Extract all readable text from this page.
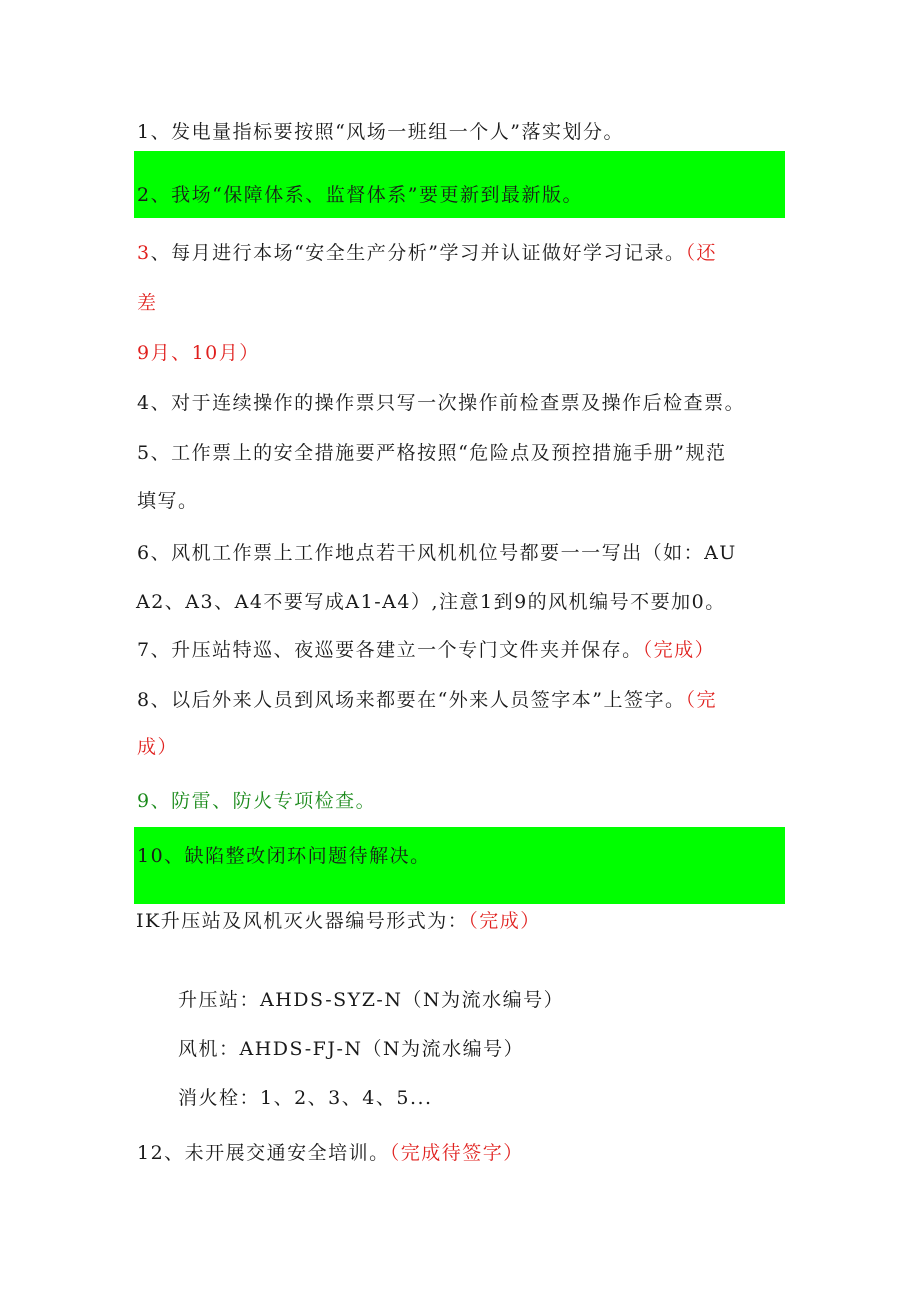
1、发电量指标要按照“风场一班组一个人”落实划分。
2、我场“保障体系、监督体系”要更新到最新版。
3、每月进行本场“安全生产分析”学习并认证做好学习记录。（还
差
9月、10月）
4、对于连续操作的操作票只写一次操作前检查票及操作后检查票。
5、工作票上的安全措施要严格按照“危险点及预控措施手册”规范
填写。
6、风机工作票上工作地点若干风机机位号都要一一写出（如：AU
A2、A3、A4不要写成A1-A4）,注意1到9的风机编号不要加0。
7、升压站特巡、夜巡要各建立一个专门文件夹并保存。（完成）
8、以后外来人员到风场来都要在“外来人员签字本”上签字。（完
成）
9、防雷、防火专项检查。
10、缺陷整改闭环问题待解决。
IK升压站及风机灭火器编号形式为：（完成）
升压站：AHDS-SYZ-N（N为流水编号）
风机：AHDS-FJ-N（N为流水编号）
消火栓：1、2、3、4、5...
12、未开展交通安全培训。（完成待签字）
